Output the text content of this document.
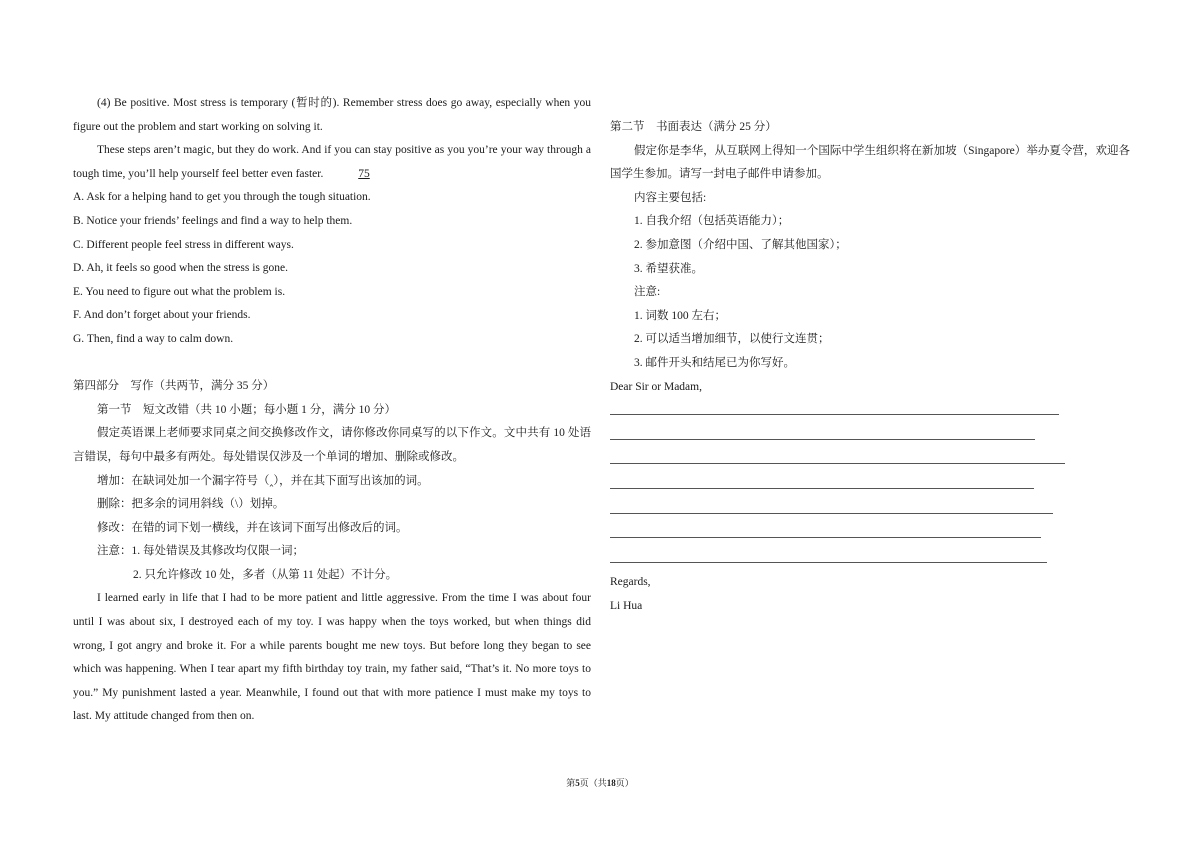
(4) Be positive. Most stress is temporary (暂时的). Remember stress does go away, especially when you figure out the problem and start working on solving it.

These steps aren’t magic, but they do work. And if you can stay positive as you you’re your way through a tough time, you’ll help yourself feel better even faster.	75

A. Ask for a helping hand to get you through the tough situation.

B. Notice your friends’ feelings and find a way to help them.

C. Different people feel stress in different ways.

D. Ah, it feels so good when the stress is gone.

E. You need to figure out what the problem is.

F. And don’t forget about your friends.

G. Then, find a way to calm down.

第四部分　写作（共两节，满分 35 分）

第一节　短文改错（共 10 小题；每小题 1 分，满分 10 分）

假定英语课上老师要求同桌之间交换修改作文，请你修改你同桌写的以下作文。文中共有 10 处语言错误，每句中最多有两处。每处错误仅涉及一个单词的增加、删除或修改。

增加：在缺词处加一个漏字符号（‸），并在其下面写出该加的词。

删除：把多余的词用斜线（\）划掉。

修改：在错的词下划一横线，并在该词下面写出修改后的词。

注意：1. 每处错误及其修改均仅限一词；

2. 只允许修改 10 处，多者（从第 11 处起）不计分。

I learned early in life that I had to be more patient and little aggressive. From the time I was about four until I was about six, I destroyed each of my toy. I was happy when the toys worked, but when things did wrong, I got angry and broke it. For a while parents bought me new toys. But before long they began to see which was happening. When I tear apart my fifth birthday toy train, my father said, “That’s it. No more toys to you.” My punishment lasted a year. Meanwhile, I found out that with more patience I must make my toys to last. My attitude changed from then on.

第二节　书面表达（满分 25 分）

假定你是李华，从互联网上得知一个国际中学生组织将在新加坡（Singapore）举办夏令营，欢迎各国学生参加。请写一封电子邮件申请参加。

内容主要包括:

1. 自我介绍（包括英语能力）；

2. 参加意图（介绍中国、了解其他国家）；

3. 希望获准。

注意:

1. 词数 100 左右；

2. 可以适当增加细节，以使行文连贯；

3. 邮件开头和结尾已为你写好。

Dear Sir or Madam,

Regards,

Li Hua

第5页（共18页）
